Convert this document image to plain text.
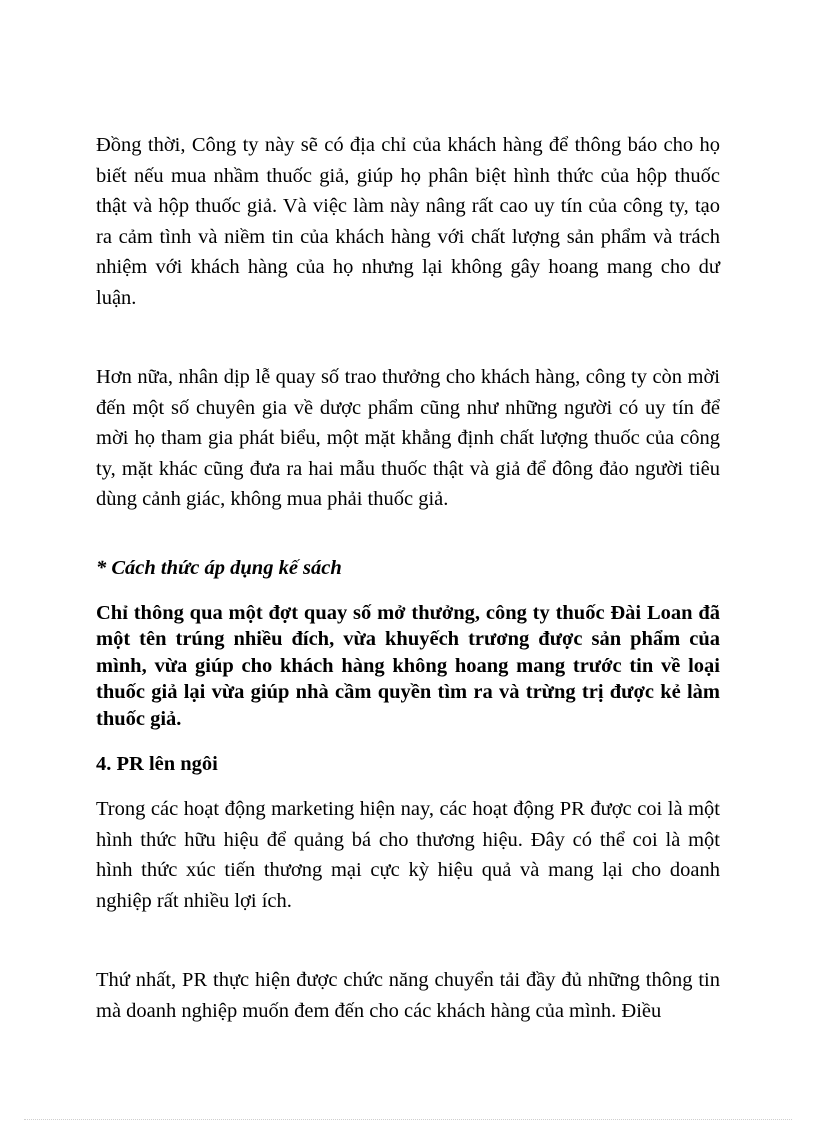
Đồng thời, Công ty này sẽ có địa chỉ của khách hàng để thông báo cho họ biết nếu mua nhầm thuốc giả, giúp họ phân biệt hình thức của hộp thuốc thật và hộp thuốc giả. Và việc làm này nâng rất cao uy tín của công ty, tạo ra cảm tình và niềm tin của khách hàng với chất lượng sản phẩm và trách nhiệm với khách hàng của họ nhưng lại không gây hoang mang cho dư luận.

Hơn nữa, nhân dịp lễ quay số trao thưởng cho khách hàng, công ty còn mời đến một số chuyên gia về dược phẩm cũng như những người có uy tín để mời họ tham gia phát biểu, một mặt khẳng định chất lượng thuốc của công ty, mặt khác cũng đưa ra hai mẫu thuốc thật và giả để đông đảo người tiêu dùng cảnh giác, không mua phải thuốc giả.

* Cách thức áp dụng kế sách

Chỉ thông qua một đợt quay số mở thưởng, công ty thuốc Đài Loan đã một tên trúng nhiều đích, vừa khuyếch trương được sản phẩm của mình, vừa giúp cho khách hàng không hoang mang trước tin về loại thuốc giả lại vừa giúp nhà cầm quyền tìm ra và trừng trị được kẻ làm thuốc giả.

4. PR lên ngôi

Trong các hoạt động marketing hiện nay, các hoạt động PR được coi là một hình thức hữu hiệu để quảng bá cho thương hiệu. Đây có thể coi là một hình thức xúc tiến thương mại cực kỳ hiệu quả và mang lại cho doanh nghiệp rất nhiều lợi ích.

Thứ nhất, PR thực hiện được chức năng chuyển tải đầy đủ những thông tin mà doanh nghiệp muốn đem đến cho các khách hàng của mình. Điều
